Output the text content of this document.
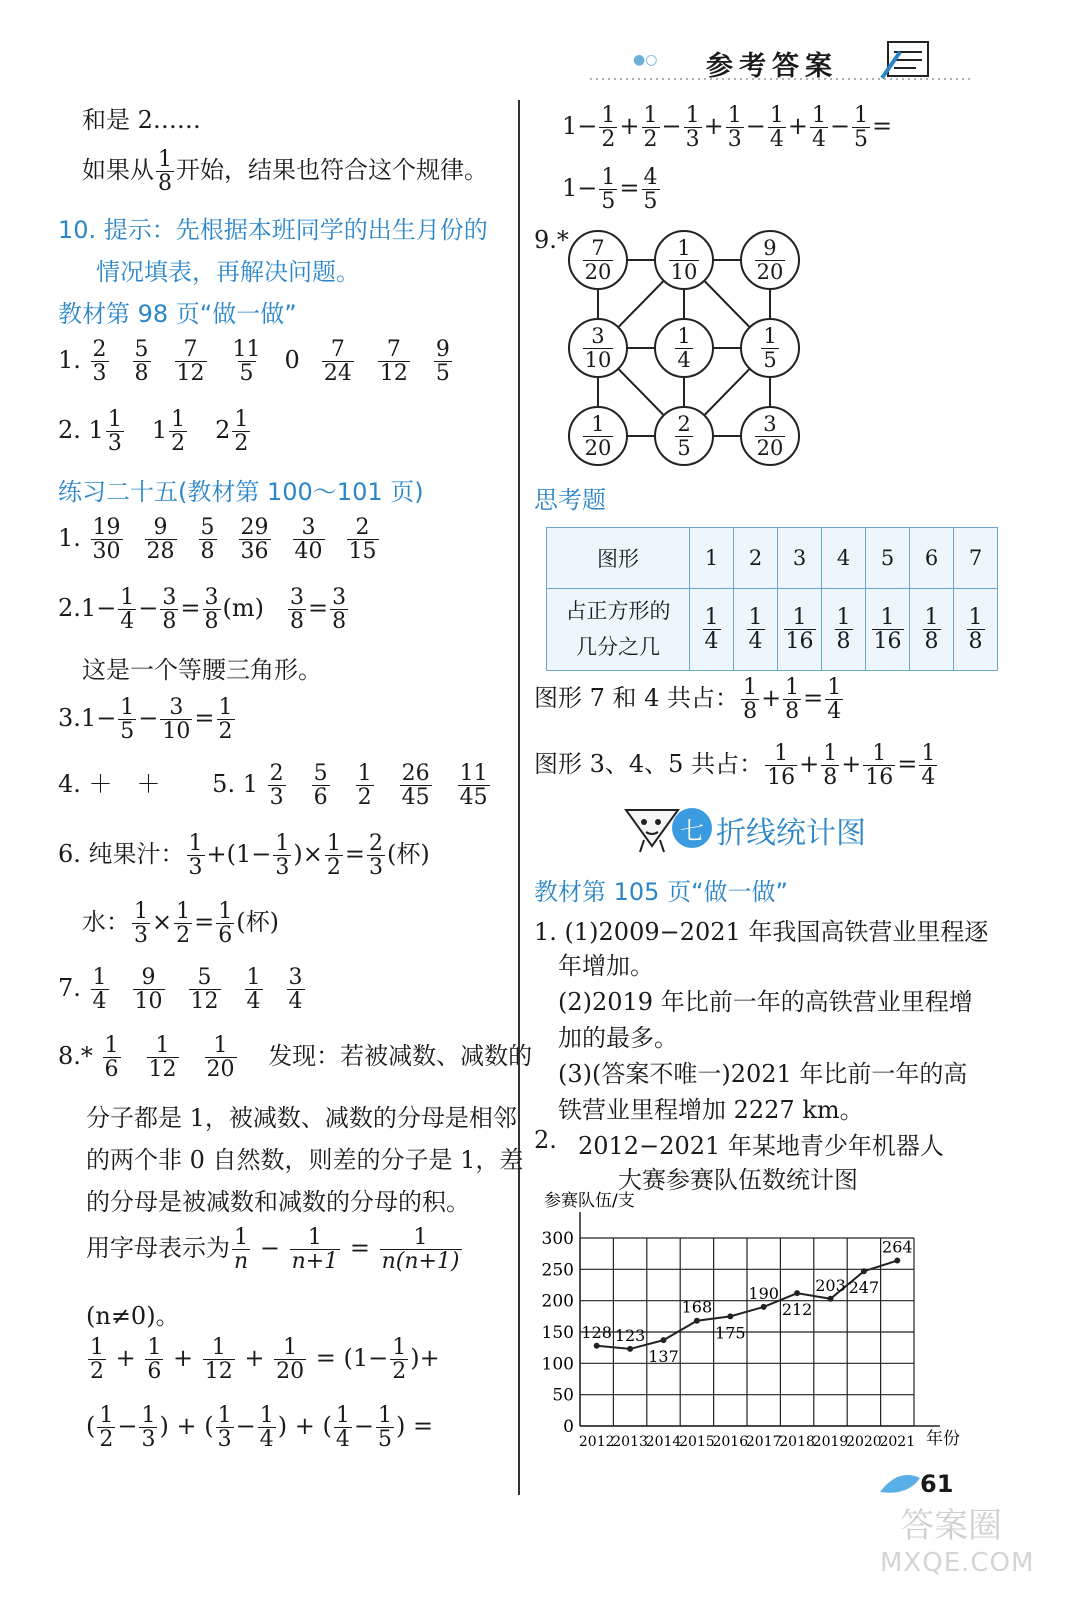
●○ 参考答案
和是 2……
如果从 $\frac{1}{8}$ 开始，结果也符合这个规律。
10. 提示：先根据本班同学的出生月份的
情况填表，再解决问题。
教材第 98 页“做一做”
1. $\frac{2}{3} \frac{5}{8} \frac{7}{12} \frac{11}{5} 0 \frac{7}{24} \frac{7}{12} \frac{9}{5}$
2. $1 \frac{1}{3} 1 \frac{1}{2} 2 \frac{1}{2}$
练习二十五(教材第 100～101 页)
1. $\frac{19}{30} \frac{9}{28} \frac{5}{8} \frac{29}{36} \frac{3}{40} \frac{2}{15}$
$2.1- \frac{1}{4} - \frac{3}{8} = \frac{3}{8} (m) \frac{3}{8} = \frac{3}{8}$
这是一个等腰三角形。
$3.1- \frac{1}{5} - \frac{3}{10} = \frac{1}{2}$
4. ＋　＋ 5. $1 \frac{2}{3} \frac{5}{6} \frac{1}{2} \frac{26}{45} \frac{11}{45}$
6. 纯果汁： $\frac{1}{3} +(1- \frac{1}{3}$ )× $\frac{1}{2} = \frac{2}{3}$ (杯)
水： $\frac{1}{3} \times \frac{1}{2} = \frac{1}{6}$ (杯)
7. $\frac{1}{4} \frac{9}{10} \frac{5}{12} \frac{1}{4} \frac{3}{4}$
$8.* \frac{1}{6} \frac{1}{12} \frac{1}{20}$ 发现：若被减数、减数的
分子都是 1，被减数、减数的分母是相邻
的两个非 0 自然数，则差的分子是 1，差
的分母是被减数和减数的分母的积。
用字母表示为 $\frac{1}{n} - \frac{1}{n+1} = \frac{1}{n(n+1)}$
(n≠0)。
$\frac{1}{2} + \frac{1}{6} + \frac{1}{12} + \frac{1}{20} = (1- \frac{1}{2}$ )+
( $\frac{1}{2} - \frac{1}{3}$ ) + ( $\frac{1}{3} - \frac{1}{4}$ ) + ( $\frac{1}{4} - \frac{1}{5}$ ) =
$1- \frac{1}{2} + \frac{1}{2} - \frac{1}{3} + \frac{1}{3} - \frac{1}{4} + \frac{1}{4} - \frac{1}{5}$ =
$1- \frac{1}{5} = \frac{4}{5}$
$9.* \frac{7}{20}$	$\frac{1}{10}$	$\frac{9}{20}$
$\frac{3}{10}$	$\frac{1}{4}$	$\frac{1}{5}$
$\frac{1}{20}$	$\frac{2}{5}$	$\frac{3}{20}$
思考题
图形	1	2	3	4	5	6	7
占正方形的
几分之几	$\frac{1}{4}$	$\frac{1}{4}$	$\frac{1}{16}$	$\frac{1}{8}$	$\frac{1}{16}$	$\frac{1}{8}$	$\frac{1}{8}$
图形 7 和 4 共占： $\frac{1}{8} + \frac{1}{8} = \frac{1}{4}$
图形 3、4、5 共占： $\frac{1}{16} + \frac{1}{8} + \frac{1}{16} = \frac{1}{4}$
七 折线统计图
教材第 105 页“做一做”
1. (1)2009−2021 年我国高铁营业里程逐
年增加。
(2)2019 年比前一年的高铁营业里程增
加的最多。
(3)(答案不唯一)2021 年比前一年的高
铁营业里程增加 2227 km。
2. 2012−2021 年某地青少年机器人
大赛参赛队伍数统计图
0
50
100
150
200
250
300
参赛队伍/支
年份
2012
2013
2014
2015
2016
2017
2018
2019
2020
2021
128 123
137
168
175
190
212
203 247
264
61
答案圈
MXQE.COM
